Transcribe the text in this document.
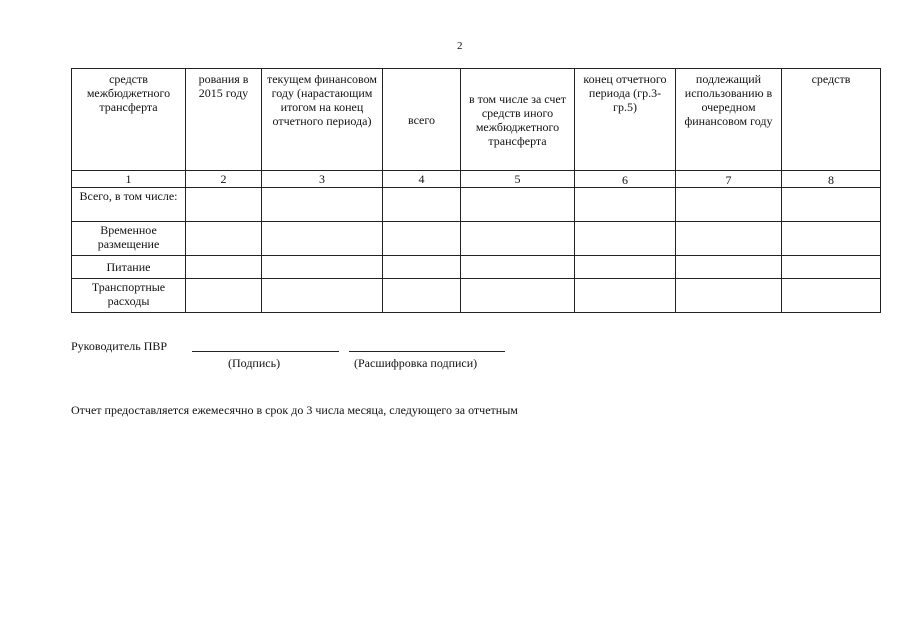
2
средств межбюджетного трансферта	рования в 2015 году	текущем финансовом году (нарастающим итогом на конец отчетного периода)	всего	в том числе за счет средств иного межбюджетного трансферта	конец отчетного периода (гр.3-гр.5)	подлежащий использованию в очередном финансовом году	средств
1	2	3	4	5	6	7	8
Всего, в том числе:							
Временное размещение							
Питание							
Транспортные расходы							
Руководитель ПВР
(Подпись)	(Расшифровка подписи)
Отчет предоставляется ежемесячно в срок до 3 числа месяца, следующего за отчетным
